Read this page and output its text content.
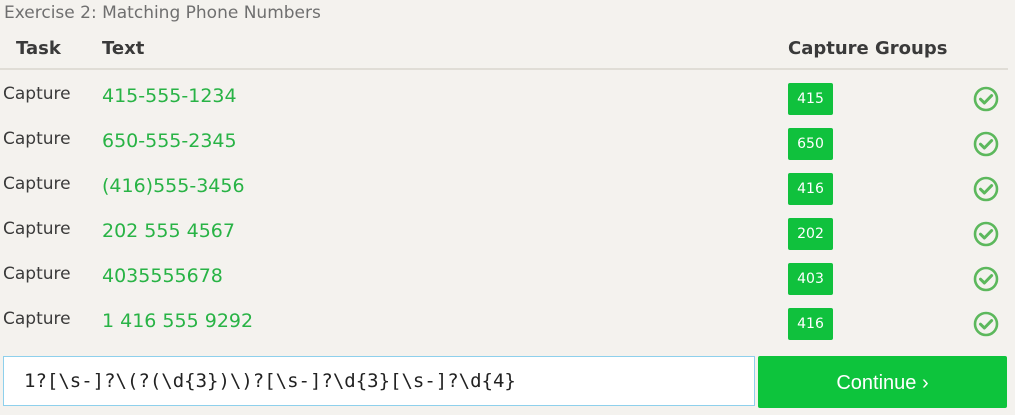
Exercise 2: Matching Phone Numbers
Task Text	Capture Groups
Capture 415-555-1234	415
Capture 650-555-2345	650
Capture (416)555-3456	416
Capture 202 555 4567	202
Capture 4035555678	403
Capture 1 416 555 9292	416
1?[\s-]?\(?(\d{3})\)?[\s-]?\d{3}[\s-]?\d{4}
Continue ›
